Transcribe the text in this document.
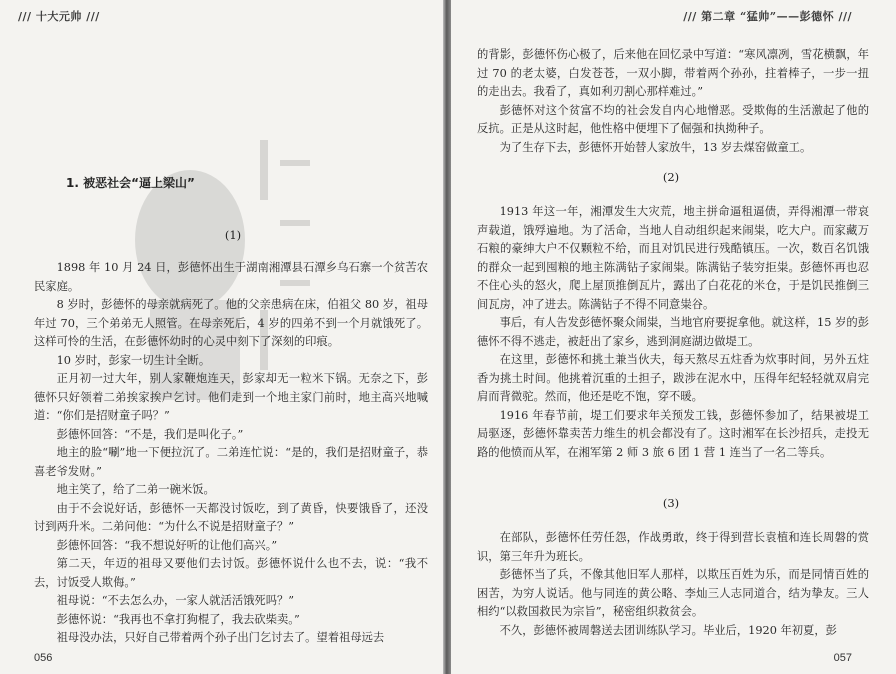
/// 十大元帅 ///
1. 被恶社会“逼上梁山”
(1)

1898 年 10 月 24 日，彭德怀出生于湖南湘潭县石潭乡乌石寨一个贫苦农民家庭。

8 岁时，彭德怀的母亲就病死了。他的父亲患病在床，伯祖父 80 岁，祖母年过 70，三个弟弟无人照管。在母亲死后，4 岁的四弟不到一个月就饿死了。这样可怜的生活，在彭德怀幼时的心灵中刻下了深刻的印痕。

10 岁时，彭家一切生计全断。

正月初一过大年，别人家鞭炮连天，彭家却无一粒米下锅。无奈之下，彭德怀只好领着二弟挨家挨户乞讨。他们走到一个地主家门前时，地主高兴地喊道：“你们是招财童子吗？”

彭德怀回答：“不是，我们是叫化子。”

地主的脸“唰”地一下便拉沉了。二弟连忙说：“是的，我们是招财童子，恭喜老爷发财。”

地主笑了，给了二弟一碗米饭。

由于不会说好话，彭德怀一天都没讨饭吃，到了黄昏，快要饿昏了，还没讨到两升米。二弟问他：“为什么不说是招财童子？”

彭德怀回答：“我不想说好听的让他们高兴。”

第二天，年迈的祖母又要他们去讨饭。彭德怀说什么也不去，说：“我不去，讨饭受人欺侮。”

祖母说：“不去怎么办，一家人就活活饿死吗？”

彭德怀说：“我再也不拿打狗棍了，我去砍柴卖。”

祖母没办法，只好自己带着两个孙子出门乞讨去了。望着祖母远去

056
/// 第二章 “猛帅”——彭德怀 ///

的背影，彭德怀伤心极了，后来他在回忆录中写道：“寒风凛冽，雪花横飘，年过 70 的老太婆，白发苍苍，一双小脚，带着两个孙孙，拄着棒子，一步一扭的走出去。我看了，真如利刃割心那样难过。”

彭德怀对这个贫富不均的社会发自内心地憎恶。受欺侮的生活激起了他的反抗。正是从这时起，他性格中便埋下了倔强和执拗种子。

为了生存下去，彭德怀开始替人家放牛，13 岁去煤窑做童工。

(2)

1913 年这一年，湘潭发生大灾荒，地主拼命逼租逼债，弄得湘潭一带哀声载道，饿殍遍地。为了活命，当地人自动组织起来闹粜，吃大户。而家藏万石粮的豪绅大户不仅颗粒不给，而且对饥民进行残酷镇压。一次，数百名饥饿的群众一起到囤粮的地主陈满钻子家闹粜。陈满钻子装穷拒粜。彭德怀再也忍不住心头的怒火，爬上屋顶推倒瓦片，露出了白花花的米仓，于是饥民推倒三间瓦房，冲了进去。陈满钻子不得不同意粜谷。

事后，有人告发彭德怀聚众闹粜，当地官府要捉拿他。就这样，15 岁的彭德怀不得不逃走，被赶出了家乡，逃到洞庭湖边做堤工。

在这里，彭德怀和挑土兼当伙夫，每天熬尽五炷香为炊事时间，另外五炷香为挑土时间。他挑着沉重的土担子，跋涉在泥水中，压得年纪轻轻就双肩完肩而背微驼。然而，他还是吃不饱，穿不暖。

1916 年春节前，堤工们要求年关预发工钱，彭德怀参加了，结果被堤工局驱逐，彭德怀靠卖苦力维生的机会都没有了。这时湘军在长沙招兵，走投无路的他愤而从军，在湘军第 2 师 3 旅 6 团 1 营 1 连当了一名二等兵。

(3)

在部队，彭德怀任劳任怨，作战勇敢，终于得到营长袁植和连长周磐的赏识，第三年升为班长。

彭德怀当了兵，不像其他旧军人那样，以欺压百姓为乐，而是同情百姓的困苦，为穷人说话。他与同连的黄公略、李灿三人志同道合，结为挚友。三人相约“以救国救民为宗旨”，秘密组织救贫会。

不久，彭德怀被周磐送去团训练队学习。毕业后，1920 年初夏，彭

057
